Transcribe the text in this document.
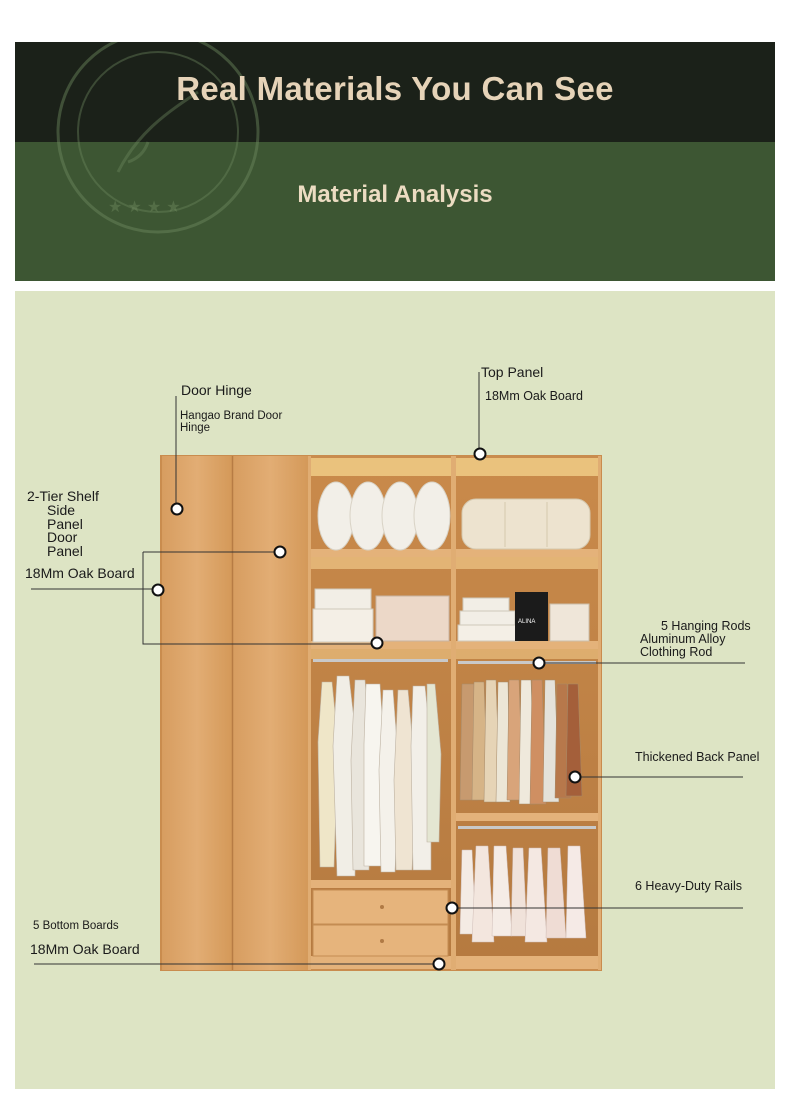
★ ★ ★ ★
Real Materials You Can See
Material Analysis
ALINA
Door Hinge
Hangao Brand Door
Hinge
Top Panel
18Mm Oak Board
2-Tier Shelf
Side
Panel
Door
Panel
18Mm Oak Board
5 Hanging Rods
Aluminum Alloy
Clothing Rod
Thickened Back Panel
6 Heavy-Duty Rails
5 Bottom Boards
18Mm Oak Board
